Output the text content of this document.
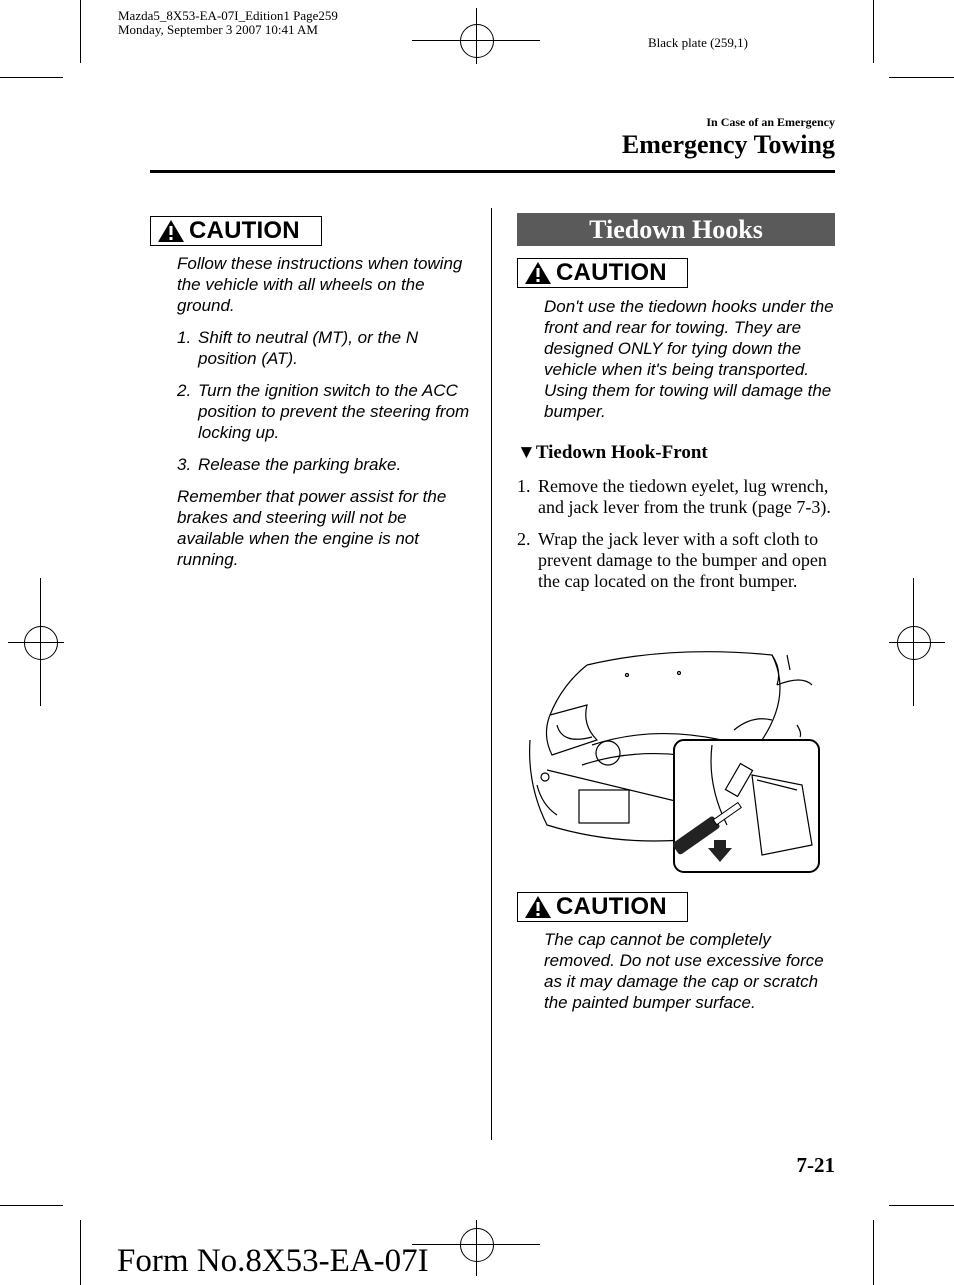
Mazda5_8X53-EA-07I_Edition1 Page259
Monday, September 3 2007 10:41 AM
Black plate (259,1)
In Case of an Emergency
Emergency Towing
CAUTION

Follow these instructions when towing the vehicle with all wheels on the ground.

1. Shift to neutral (MT), or the N position (AT).
2. Turn the ignition switch to the ACC position to prevent the steering from locking up.
3. Release the parking brake.

Remember that power assist for the brakes and steering will not be available when the engine is not running.

Tiedown Hooks
CAUTION
Don't use the tiedown hooks under the front and rear for towing. They are designed ONLY for tying down the vehicle when it's being transported. Using them for towing will damage the bumper.
▼Tiedown Hook-Front
1. Remove the tiedown eyelet, lug wrench, and jack lever from the trunk (page 7-3).
2. Wrap the jack lever with a soft cloth to prevent damage to the bumper and open the cap located on the front bumper.
CAUTION
The cap cannot be completely removed. Do not use excessive force as it may damage the cap or scratch the painted bumper surface.
7-21
Form No.8X53-EA-07I
